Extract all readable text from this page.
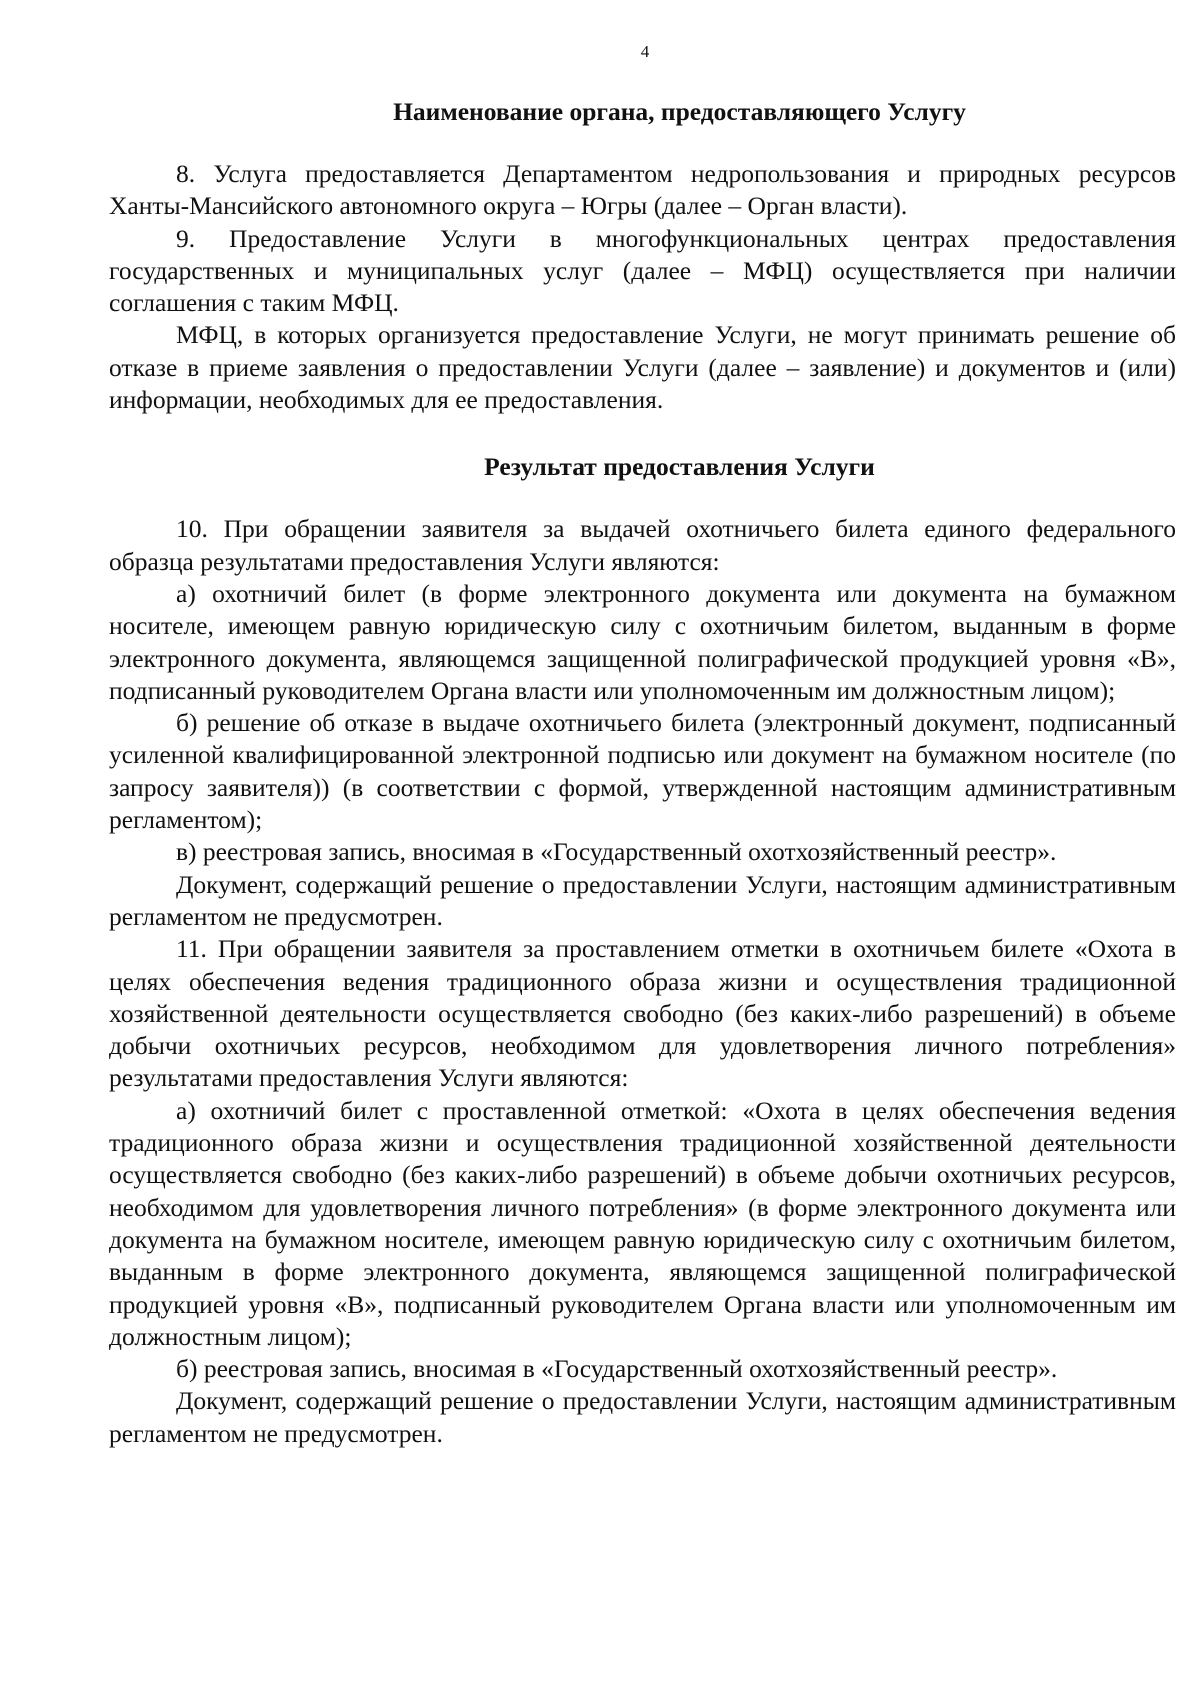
4
Наименование органа, предоставляющего Услугу

8. Услуга предоставляется Департаментом недропользования и природных ресурсов Ханты-Мансийского автономного округа – Югры (далее – Орган власти).

9. Предоставление Услуги в многофункциональных центрах предоставления государственных и муниципальных услуг (далее – МФЦ) осуществляется при наличии соглашения с таким МФЦ.

МФЦ, в которых организуется предоставление Услуги, не могут принимать решение об отказе в приеме заявления о предоставлении Услуги (далее – заявление) и документов и (или) информации, необходимых для ее предоставления.

Результат предоставления Услуги

10. При обращении заявителя за выдачей охотничьего билета единого федерального образца результатами предоставления Услуги являются:

а) охотничий билет (в форме электронного документа или документа на бумажном носителе, имеющем равную юридическую силу с охотничьим билетом, выданным в форме электронного документа, являющемся защищенной полиграфической продукцией уровня «В», подписанный руководителем Органа власти или уполномоченным им должностным лицом);

б) решение об отказе в выдаче охотничьего билета (электронный документ, подписанный усиленной квалифицированной электронной подписью или документ на бумажном носителе (по запросу заявителя)) (в соответствии с формой, утвержденной настоящим административным регламентом);

в) реестровая запись, вносимая в «Государственный охотхозяйственный реестр».

Документ, содержащий решение о предоставлении Услуги, настоящим административным регламентом не предусмотрен.

11. При обращении заявителя за проставлением отметки в охотничьем билете «Охота в целях обеспечения ведения традиционного образа жизни и осуществления традиционной хозяйственной деятельности осуществляется свободно (без каких-либо разрешений) в объеме добычи охотничьих ресурсов, необходимом для удовлетворения личного потребления» результатами предоставления Услуги являются:

а) охотничий билет с проставленной отметкой: «Охота в целях обеспечения ведения традиционного образа жизни и осуществления традиционной хозяйственной деятельности осуществляется свободно (без каких-либо разрешений) в объеме добычи охотничьих ресурсов, необходимом для удовлетворения личного потребления» (в форме электронного документа или документа на бумажном носителе, имеющем равную юридическую силу с охотничьим билетом, выданным в форме электронного документа, являющемся защищенной полиграфической продукцией уровня «В», подписанный руководителем Органа власти или уполномоченным им должностным лицом);

б) реестровая запись, вносимая в «Государственный охотхозяйственный реестр».

Документ, содержащий решение о предоставлении Услуги, настоящим административным регламентом не предусмотрен.
